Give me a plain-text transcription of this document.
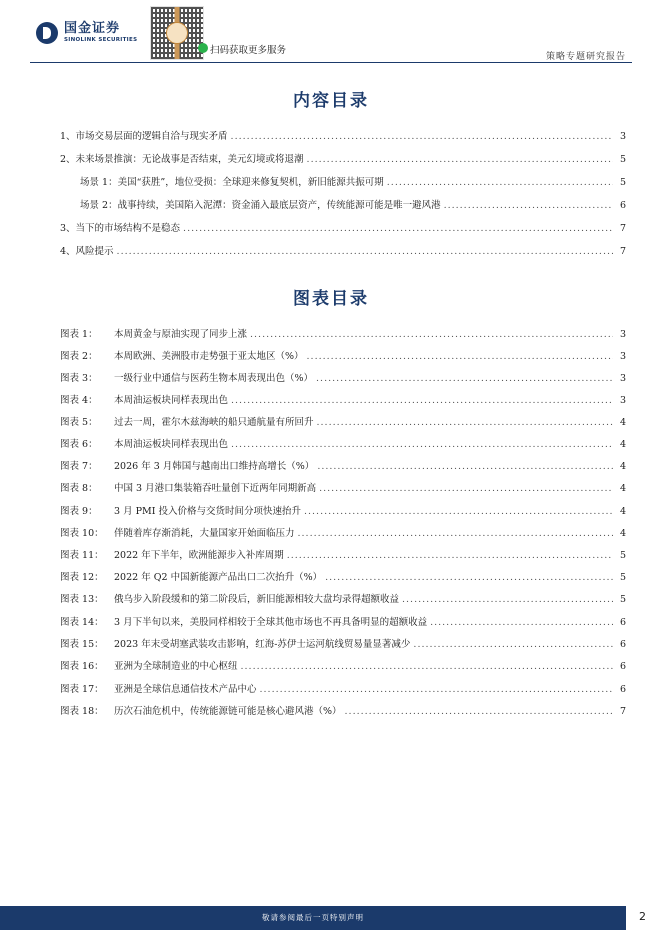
国金证券
SINOLINK SECURITIES
扫码获取更多服务
策略专题研究报告
内容目录
1、市场交易层面的逻辑自洽与现实矛盾 .....	3
2、未来场景推演：无论战事是否结束，美元幻境或将退潮 .....	5
场景 1：美国“获胜”，地位受损：全球迎来修复契机，新旧能源共振可期 .....	5
场景 2：战事持续，美国陷入泥潭：资金涌入最底层资产，传统能源可能是唯一避风港 .....	6
3、当下的市场结构不是稳态 .....	7
4、风险提示 .....	7
图表目录
图表 1： 本周黄金与原油实现了同步上涨 .....	3
图表 2： 本周欧洲、美洲股市走势强于亚太地区（%） .....	3
图表 3： 一级行业中通信与医药生物本周表现出色（%） .....	3
图表 4： 本周油运板块同样表现出色 .....	3
图表 5： 过去一周，霍尔木兹海峡的船只通航量有所回升 .....	4
图表 6： 本周油运板块同样表现出色 .....	4
图表 7： 2026 年 3 月韩国与越南出口维持高增长（%） .....	4
图表 8： 中国 3 月港口集装箱吞吐量创下近两年同期新高 .....	4
图表 9： 3 月 PMI 投入价格与交货时间分项快速抬升 .....	4
图表 10： 伴随着库存渐消耗，大量国家开始面临压力 .....	4
图表 11： 2022 年下半年，欧洲能源步入补库周期 .....	5
图表 12： 2022 年 Q2 中国新能源产品出口二次抬升（%） .....	5
图表 13： 俄乌步入阶段缓和的第二阶段后，新旧能源相较大盘均录得超额收益 .....	5
图表 14： 3 月下半旬以来，美股同样相较于全球其他市场也不再具备明显的超额收益 .....	6
图表 15： 2023 年末受胡塞武装攻击影响，红海-苏伊士运河航线贸易量显著减少 .....	6
图表 16： 亚洲为全球制造业的中心枢纽 .....	6
图表 17： 亚洲是全球信息通信技术产品中心 .....	6
图表 18： 历次石油危机中，传统能源链可能是核心避风港（%） .....	7
敬请参阅最后一页特别声明	2
